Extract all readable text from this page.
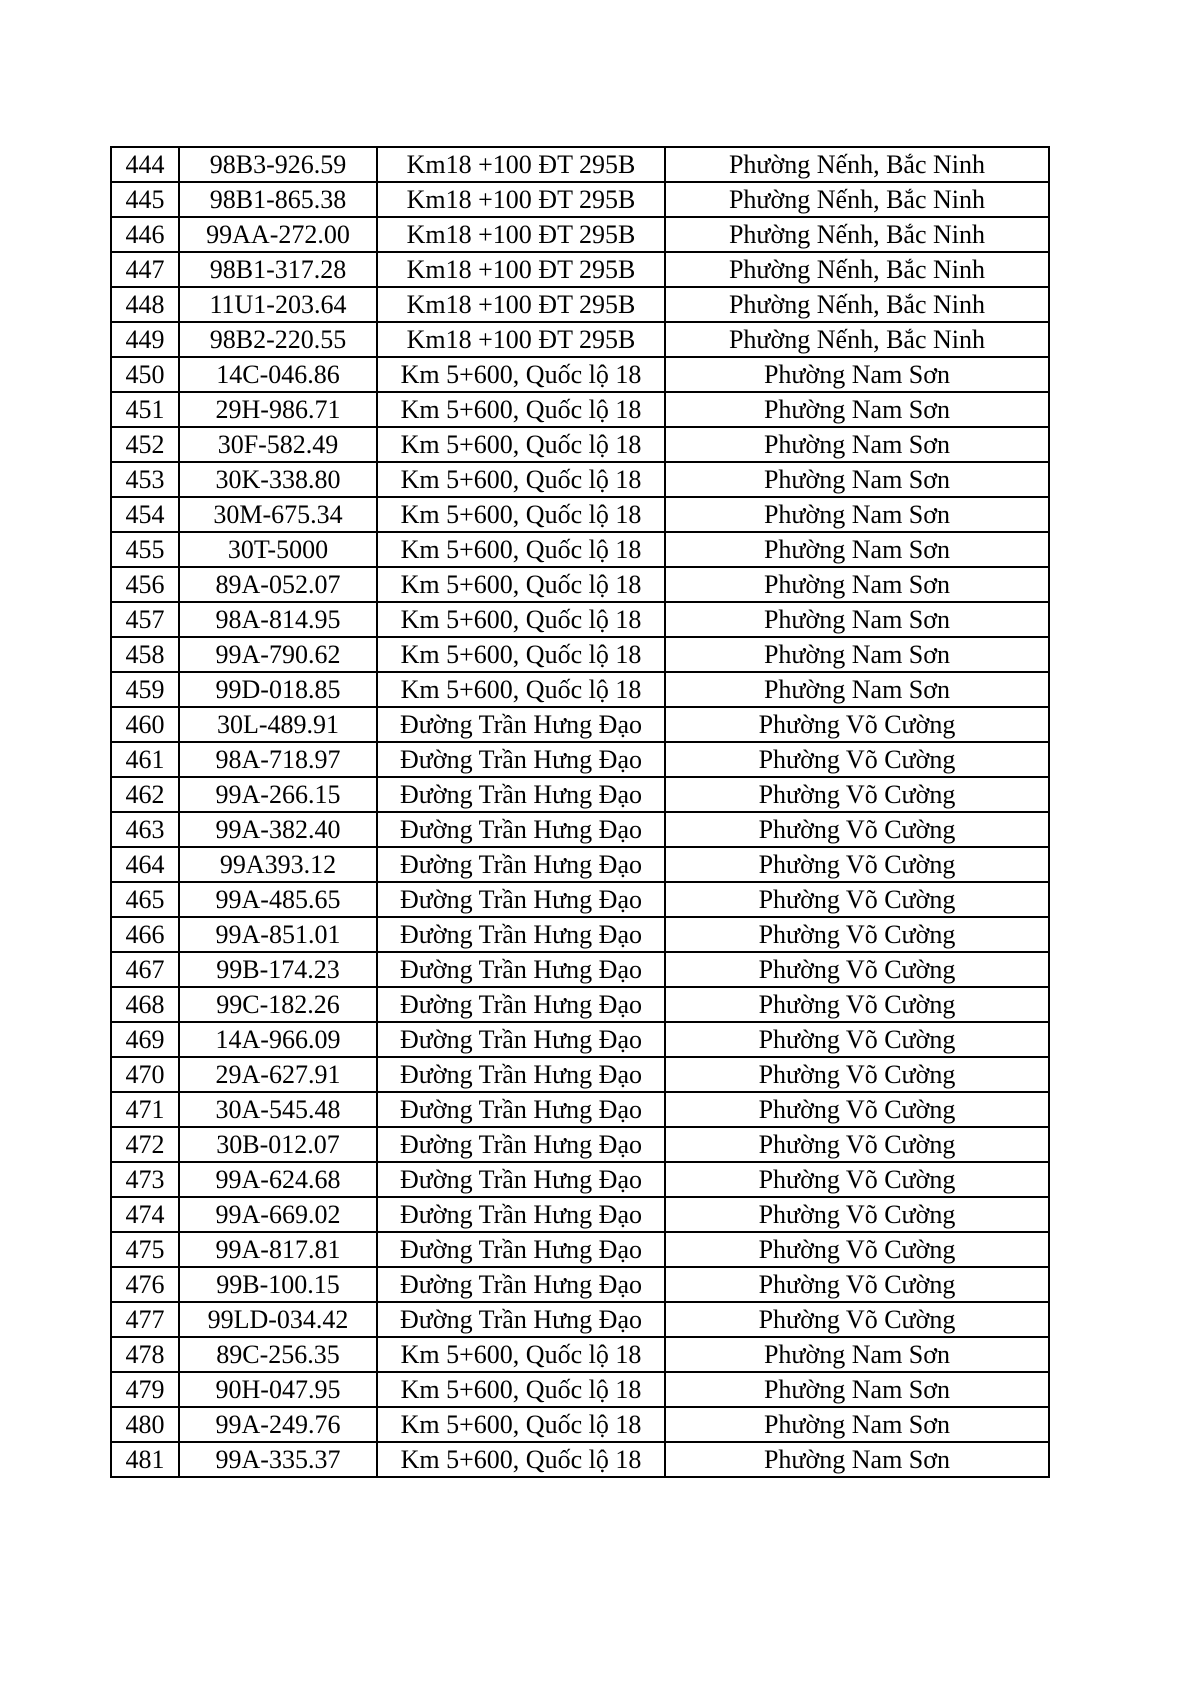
444	98B3-926.59	Km18 +100 ĐT 295B	Phường Nếnh, Bắc Ninh
445	98B1-865.38	Km18 +100 ĐT 295B	Phường Nếnh, Bắc Ninh
446	99AA-272.00	Km18 +100 ĐT 295B	Phường Nếnh, Bắc Ninh
447	98B1-317.28	Km18 +100 ĐT 295B	Phường Nếnh, Bắc Ninh
448	11U1-203.64	Km18 +100 ĐT 295B	Phường Nếnh, Bắc Ninh
449	98B2-220.55	Km18 +100 ĐT 295B	Phường Nếnh, Bắc Ninh
450	14C-046.86	Km 5+600, Quốc lộ 18	Phường Nam Sơn
451	29H-986.71	Km 5+600, Quốc lộ 18	Phường Nam Sơn
452	30F-582.49	Km 5+600, Quốc lộ 18	Phường Nam Sơn
453	30K-338.80	Km 5+600, Quốc lộ 18	Phường Nam Sơn
454	30M-675.34	Km 5+600, Quốc lộ 18	Phường Nam Sơn
455	30T-5000	Km 5+600, Quốc lộ 18	Phường Nam Sơn
456	89A-052.07	Km 5+600, Quốc lộ 18	Phường Nam Sơn
457	98A-814.95	Km 5+600, Quốc lộ 18	Phường Nam Sơn
458	99A-790.62	Km 5+600, Quốc lộ 18	Phường Nam Sơn
459	99D-018.85	Km 5+600, Quốc lộ 18	Phường Nam Sơn
460	30L-489.91	Đường Trần Hưng Đạo	Phường Võ Cường
461	98A-718.97	Đường Trần Hưng Đạo	Phường Võ Cường
462	99A-266.15	Đường Trần Hưng Đạo	Phường Võ Cường
463	99A-382.40	Đường Trần Hưng Đạo	Phường Võ Cường
464	99A393.12	Đường Trần Hưng Đạo	Phường Võ Cường
465	99A-485.65	Đường Trần Hưng Đạo	Phường Võ Cường
466	99A-851.01	Đường Trần Hưng Đạo	Phường Võ Cường
467	99B-174.23	Đường Trần Hưng Đạo	Phường Võ Cường
468	99C-182.26	Đường Trần Hưng Đạo	Phường Võ Cường
469	14A-966.09	Đường Trần Hưng Đạo	Phường Võ Cường
470	29A-627.91	Đường Trần Hưng Đạo	Phường Võ Cường
471	30A-545.48	Đường Trần Hưng Đạo	Phường Võ Cường
472	30B-012.07	Đường Trần Hưng Đạo	Phường Võ Cường
473	99A-624.68	Đường Trần Hưng Đạo	Phường Võ Cường
474	99A-669.02	Đường Trần Hưng Đạo	Phường Võ Cường
475	99A-817.81	Đường Trần Hưng Đạo	Phường Võ Cường
476	99B-100.15	Đường Trần Hưng Đạo	Phường Võ Cường
477	99LD-034.42	Đường Trần Hưng Đạo	Phường Võ Cường
478	89C-256.35	Km 5+600, Quốc lộ 18	Phường Nam Sơn
479	90H-047.95	Km 5+600, Quốc lộ 18	Phường Nam Sơn
480	99A-249.76	Km 5+600, Quốc lộ 18	Phường Nam Sơn
481	99A-335.37	Km 5+600, Quốc lộ 18	Phường Nam Sơn
